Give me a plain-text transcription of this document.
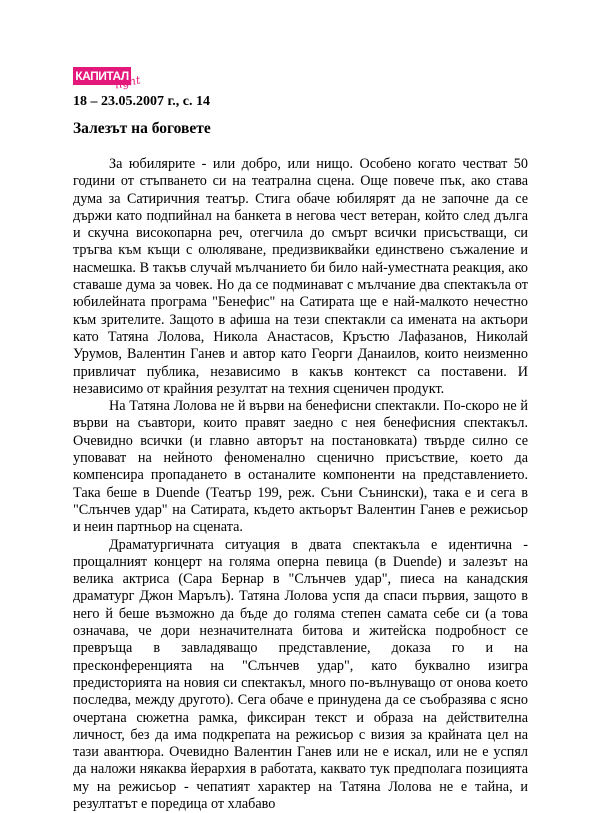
КАПИТАЛ
light
18 – 23.05.2007 г., с. 14
Залезът на боговете

За юбилярите - или добро, или нищо. Особено когато честват 50 години от стъпването си на театрална сцена. Още повече пък, ако става дума за Сатиричния театър. Стига обаче юбилярят да не започне да се държи като подпийнал на банкета в негова чест ветеран, който след дълга и скучна високопарна реч, отегчила до смърт всички присъстващи, си тръгва към къщи с олюляване, предизвиквайки единствено съжаление и насмешка. В такъв случай мълчанието би било най-уместната реакция, ако ставаше дума за човек. Но да се подминават с мълчание два спектакъла от юбилейната програма "Бенефис" на Сатирата ще е най-малкото нечестно към зрителите. Защото в афиша на тези спектакли са имената на актьори като Татяна Лолова, Никола Анастасов, Кръстю Лафазанов, Николай Урумов, Валентин Ганев и автор като Георги Данаилов, които неизменно привличат публика, независимо в какъв контекст са поставени. И независимо от крайния резултат на техния сценичен продукт.

На Татяна Лолова не й върви на бенефисни спектакли. По-скоро не й върви на съавтори, които правят заедно с нея бенефисния спектакъл. Очевидно всички (и главно авторът на постановката) твърде силно се уповават на нейното феноменално сценично присъствие, което да компенсира пропадането в останалите компоненти на представлението. Така беше в Duende (Театър 199, реж. Съни Сънински), така е и сега в "Слънчев удар" на Сатирата, където актьорът Валентин Ганев е режисьор и неин партньор на сцената.

Драматургичната ситуация в двата спектакъла е идентична - прощалният концерт на голяма оперна певица (в Duende) и залезът на велика актриса (Сара Бернар в "Слънчев удар", пиеса на канадския драматург Джон Марълъ). Татяна Лолова успя да спаси първия, защото в него й беше възможно да бъде до голяма степен самата себе си (а това означава, че дори незначителната битова и житейска подробност се превръща в завладяващо представление, доказа го и на пресконференцията на "Слънчев удар", като буквално изигра предисторията на новия си спектакъл, много по-вълнуващо от онова което последва, между другото). Сега обаче е принудена да се съобразява с ясно очертана сюжетна рамка, фиксиран текст и образа на действителна личност, без да има подкрепата на режисьор с визия за крайната цел на тази авантюра. Очевидно Валентин Ганев или не е искал, или не е успял да наложи някаква йерархия в работата, каквато тук предполага позицията му на режисьор - чепатият характер на Татяна Лолова не е тайна, и резултатът е поредица от хлабаво
